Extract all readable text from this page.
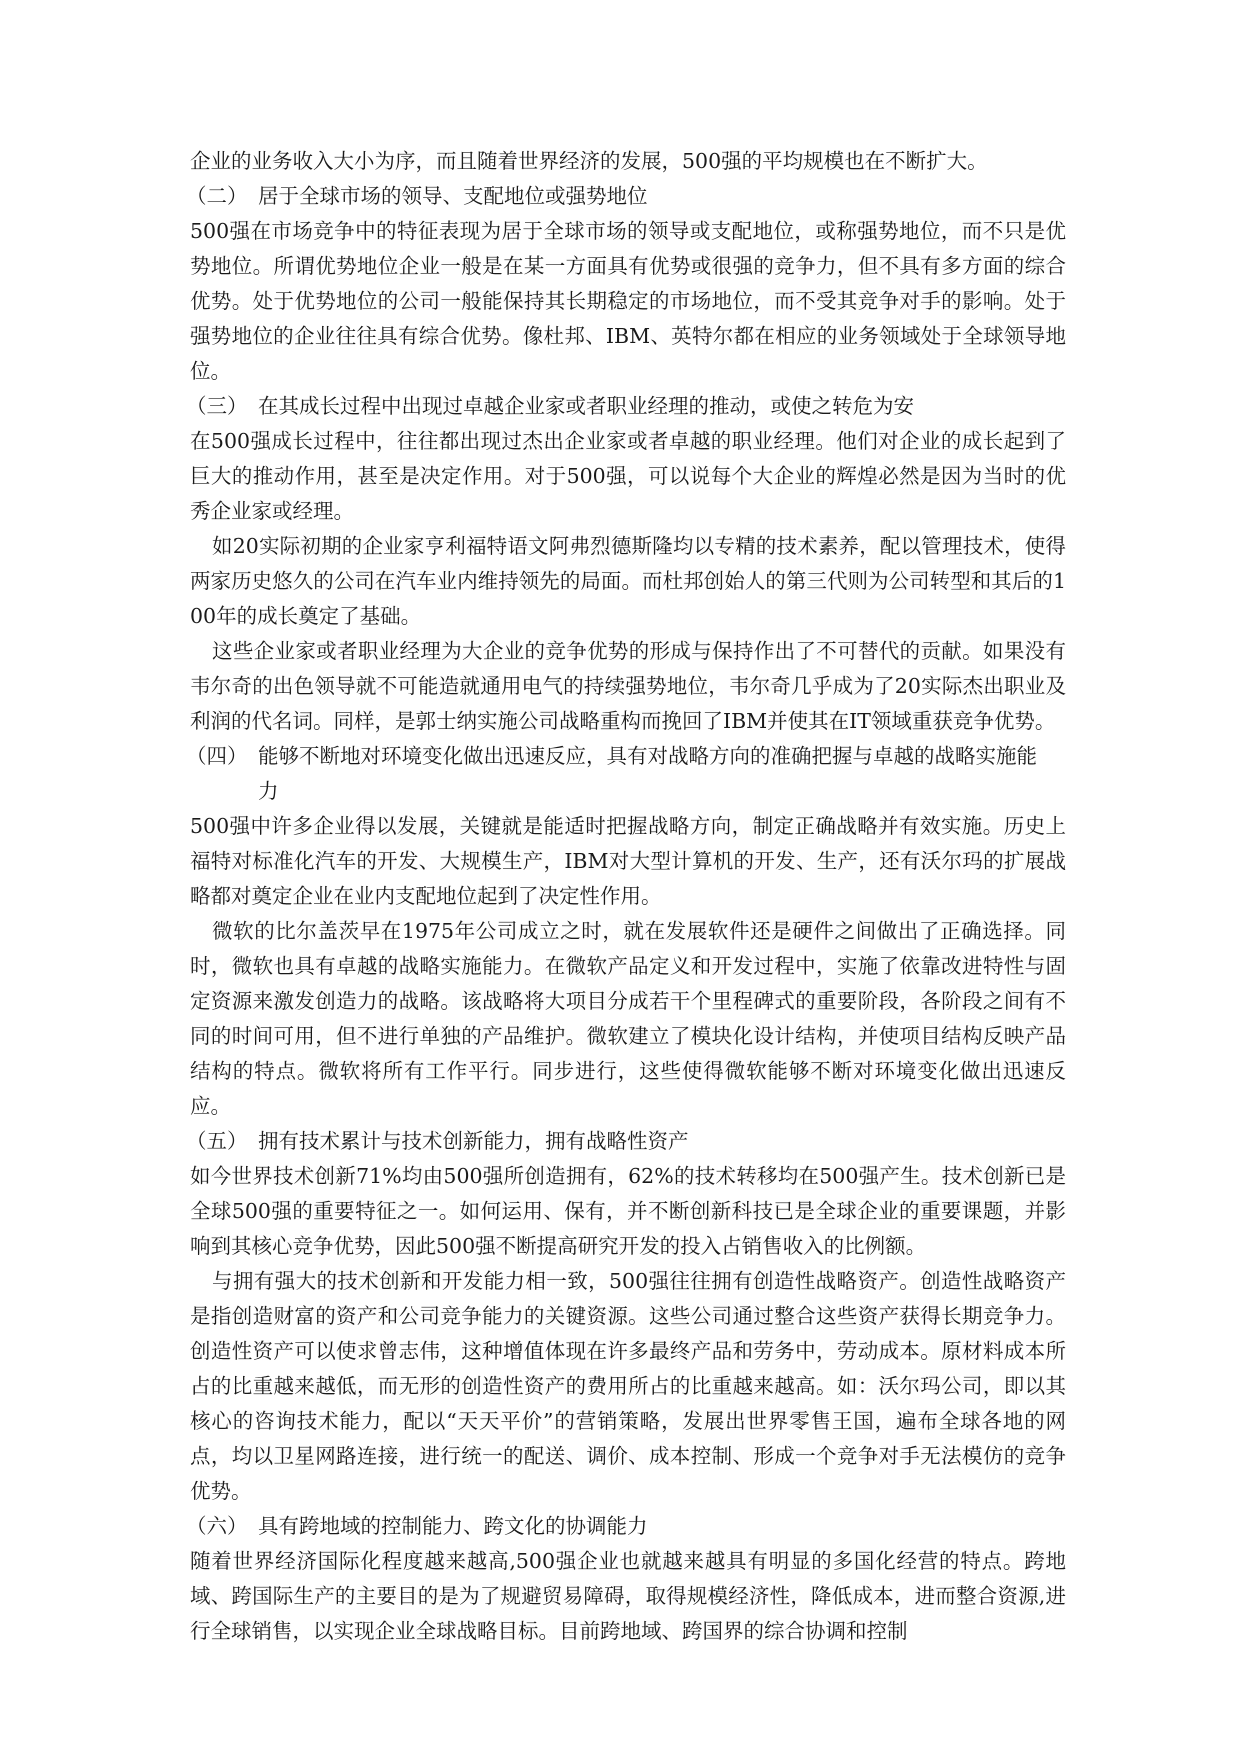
企业的业务收入大小为序，而且随着世界经济的发展，500强的平均规模也在不断扩大。
（二） 居于全球市场的领导、支配地位或强势地位
500强在市场竞争中的特征表现为居于全球市场的领导或支配地位，或称强势地位，而不只是优势地位。所谓优势地位企业一般是在某一方面具有优势或很强的竞争力，但不具有多方面的综合优势。处于优势地位的公司一般能保持其长期稳定的市场地位，而不受其竞争对手的影响。处于强势地位的企业往往具有综合优势。像杜邦、IBM、英特尔都在相应的业务领域处于全球领导地位。
（三） 在其成长过程中出现过卓越企业家或者职业经理的推动，或使之转危为安
在500强成长过程中，往往都出现过杰出企业家或者卓越的职业经理。他们对企业的成长起到了巨大的推动作用，甚至是决定作用。对于500强，可以说每个大企业的辉煌必然是因为当时的优秀企业家或经理。
如20实际初期的企业家亨利福特语文阿弗烈德斯隆均以专精的技术素养，配以管理技术，使得两家历史悠久的公司在汽车业内维持领先的局面。而杜邦创始人的第三代则为公司转型和其后的100年的成长奠定了基础。
这些企业家或者职业经理为大企业的竞争优势的形成与保持作出了不可替代的贡献。如果没有韦尔奇的出色领导就不可能造就通用电气的持续强势地位，韦尔奇几乎成为了20实际杰出职业及利润的代名词。同样，是郭士纳实施公司战略重构而挽回了IBM并使其在IT领域重获竞争优势。
（四） 能够不断地对环境变化做出迅速反应，具有对战略方向的准确把握与卓越的战略实施能力
500强中许多企业得以发展，关键就是能适时把握战略方向，制定正确战略并有效实施。历史上福特对标准化汽车的开发、大规模生产，IBM对大型计算机的开发、生产，还有沃尔玛的扩展战略都对奠定企业在业内支配地位起到了决定性作用。
微软的比尔盖茨早在1975年公司成立之时，就在发展软件还是硬件之间做出了正确选择。同时，微软也具有卓越的战略实施能力。在微软产品定义和开发过程中，实施了依靠改进特性与固定资源来激发创造力的战略。该战略将大项目分成若干个里程碑式的重要阶段，各阶段之间有不同的时间可用，但不进行单独的产品维护。微软建立了模块化设计结构，并使项目结构反映产品结构的特点。微软将所有工作平行。同步进行，这些使得微软能够不断对环境变化做出迅速反应。
（五） 拥有技术累计与技术创新能力，拥有战略性资产
如今世界技术创新71%均由500强所创造拥有，62%的技术转移均在500强产生。技术创新已是全球500强的重要特征之一。如何运用、保有，并不断创新科技已是全球企业的重要课题，并影响到其核心竞争优势，因此500强不断提高研究开发的投入占销售收入的比例额。
与拥有强大的技术创新和开发能力相一致，500强往往拥有创造性战略资产。创造性战略资产是指创造财富的资产和公司竞争能力的关键资源。这些公司通过整合这些资产获得长期竞争力。创造性资产可以使求曾志伟，这种增值体现在许多最终产品和劳务中，劳动成本。原材料成本所占的比重越来越低，而无形的创造性资产的费用所占的比重越来越高。如：沃尔玛公司，即以其核心的咨询技术能力，配以“天天平价”的营销策略，发展出世界零售王国，遍布全球各地的网点，均以卫星网路连接，进行统一的配送、调价、成本控制、形成一个竞争对手无法模仿的竞争优势。
（六） 具有跨地域的控制能力、跨文化的协调能力
随着世界经济国际化程度越来越高,500强企业也就越来越具有明显的多国化经营的特点。跨地域、跨国际生产的主要目的是为了规避贸易障碍，取得规模经济性，降低成本，进而整合资源,进行全球销售，以实现企业全球战略目标。目前跨地域、跨国界的综合协调和控制
